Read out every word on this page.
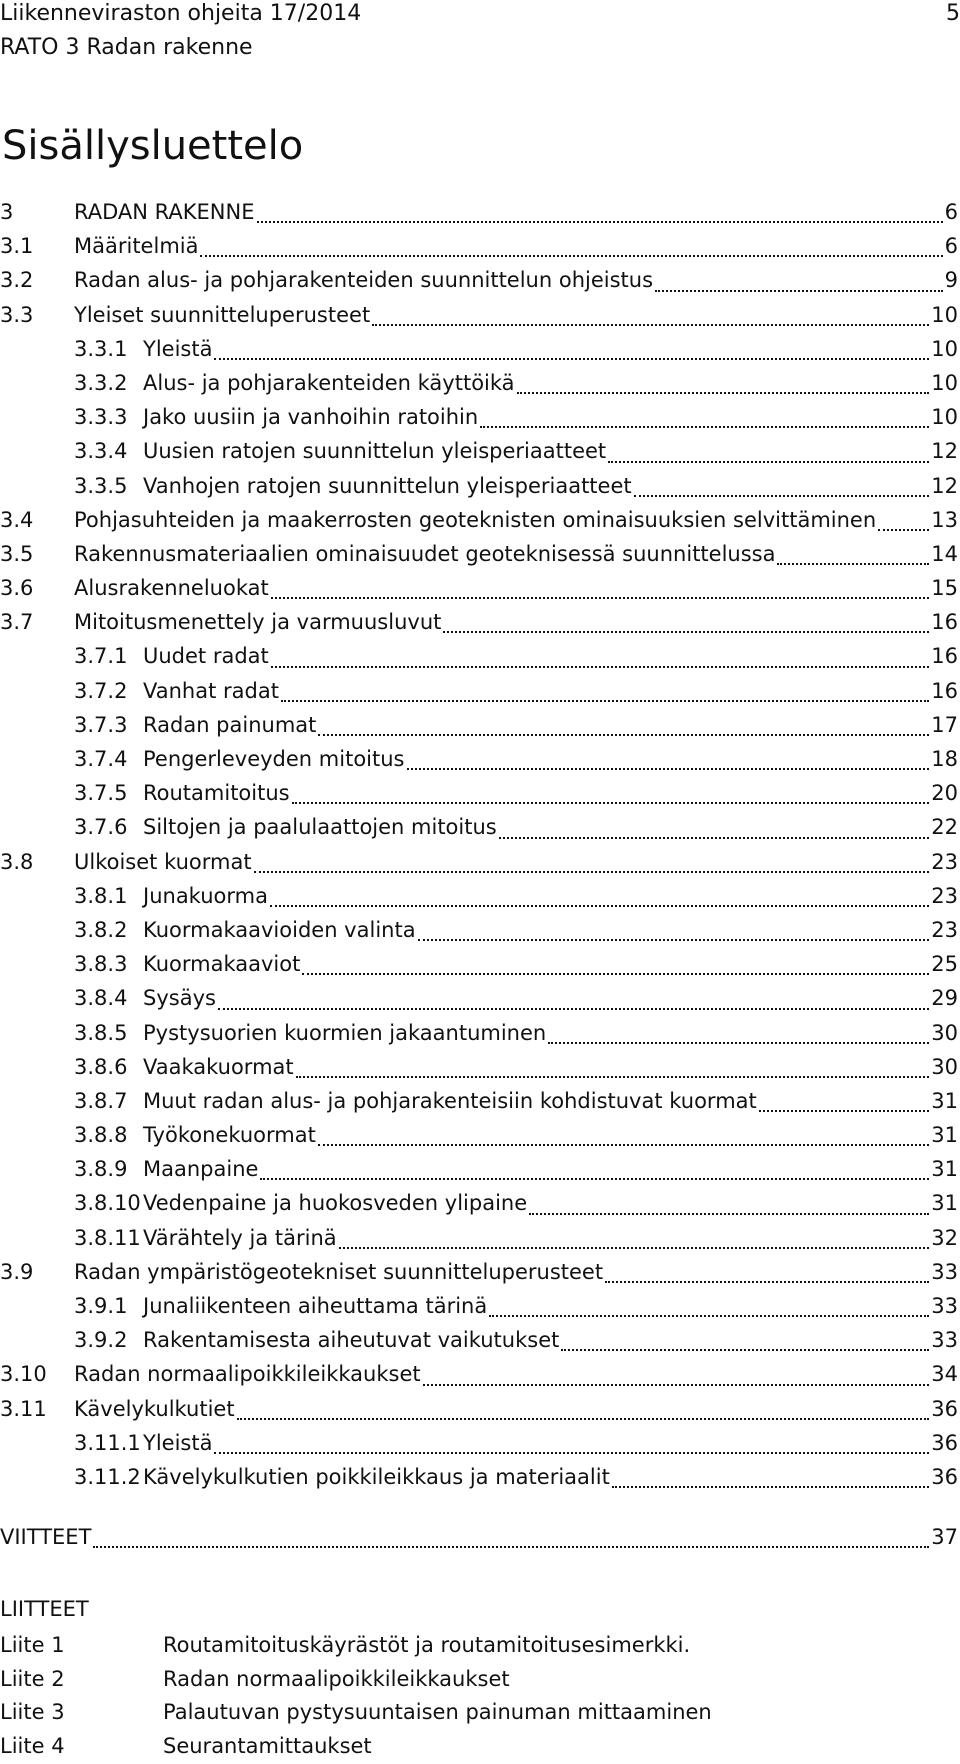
Liikenneviraston ohjeita 17/2014
RATO 3 Radan rakenne
5
Sisällysluettelo
3	RADAN RAKENNE	6
3.1	Määritelmiä	6
3.2	Radan alus- ja pohjarakenteiden suunnittelun ohjeistus	9
3.3	Yleiset suunnitteluperusteet	10
3.3.1 Yleistä	10
3.3.2 Alus- ja pohjarakenteiden käyttöikä	10
3.3.3 Jako uusiin ja vanhoihin ratoihin	10
3.3.4 Uusien ratojen suunnittelun yleisperiaatteet	12
3.3.5 Vanhojen ratojen suunnittelun yleisperiaatteet	12
3.4	Pohjasuhteiden ja maakerrosten geoteknisten ominaisuuksien selvittäminen	13
3.5	Rakennusmateriaalien ominaisuudet geoteknisessä suunnittelussa	14
3.6	Alusrakenneluokat	15
3.7	Mitoitusmenettely ja varmuusluvut	16
3.7.1 Uudet radat	16
3.7.2 Vanhat radat	16
3.7.3 Radan painumat	17
3.7.4 Pengerleveyden mitoitus	18
3.7.5 Routamitoitus	20
3.7.6 Siltojen ja paalulaattojen mitoitus	22
3.8	Ulkoiset kuormat	23
3.8.1 Junakuorma	23
3.8.2 Kuormakaavioiden valinta	23
3.8.3 Kuormakaaviot	25
3.8.4 Sysäys	29
3.8.5 Pystysuorien kuormien jakaantuminen	30
3.8.6 Vaakakuormat	30
3.8.7 Muut radan alus- ja pohjarakenteisiin kohdistuvat kuormat	31
3.8.8 Työkonekuormat	31
3.8.9 Maanpaine	31
3.8.10 Vedenpaine ja huokosveden ylipaine	31
3.8.11 Värähtely ja tärinä	32
3.9	Radan ympäristögeotekniset suunnitteluperusteet	33
3.9.1 Junaliikenteen aiheuttama tärinä	33
3.9.2 Rakentamisesta aiheutuvat vaikutukset	33
3.10	Radan normaalipoikkileikkaukset	34
3.11	Kävelykulkutiet	36
3.11.1 Yleistä	36
3.11.2 Kävelykulkutien poikkileikkaus ja materiaalit	36
VIITTEET	37
LIITTEET
Liite 1	Routamitoituskäyrästöt ja routamitoitusesimerkki.
Liite 2	Radan normaalipoikkileikkaukset
Liite 3	Palautuvan pystysuuntaisen painuman mittaaminen
Liite 4	Seurantamittaukset
